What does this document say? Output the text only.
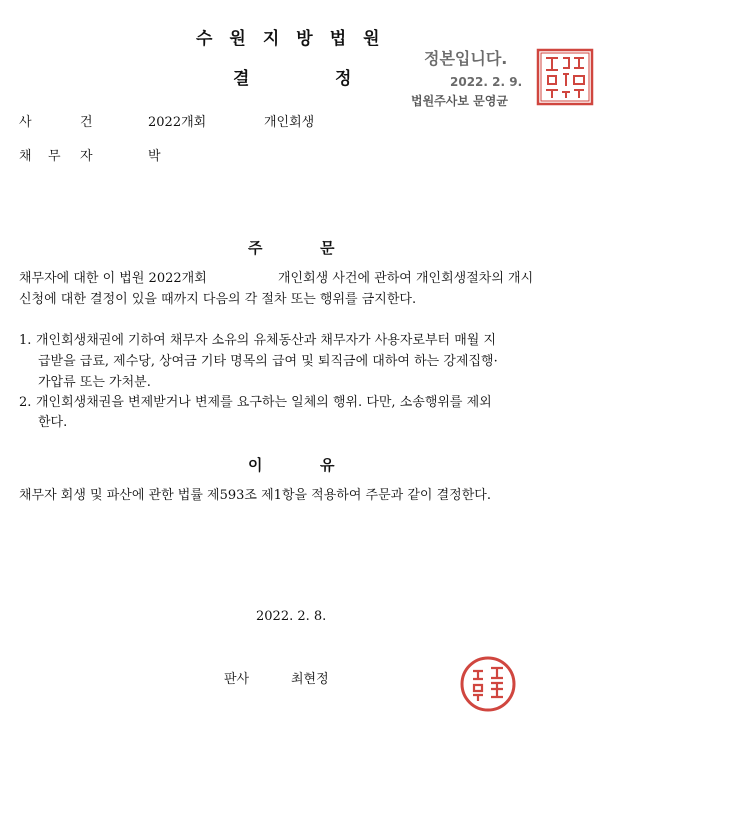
수원지방법원
결	정
정본입니다.
2022. 2. 9.
법원주사보 문영균
사	건	2022개회	개인회생
채 무 자	박
주	문
채무자에 대한 이 법원 2022개회	개인회생 사건에 관하여 개인회생절차의 개시
신청에 대한 결정이 있을 때까지 다음의 각 절차 또는 행위를 금지한다.
1. 개인회생채권에 기하여 채무자 소유의 유체동산과 채무자가 사용자로부터 매월 지
급받을 급료, 제수당, 상여금 기타 명목의 급여 및 퇴직금에 대하여 하는 강제집행·
가압류 또는 가처분.
2. 개인회생채권을 변제받거나 변제를 요구하는 일체의 행위. 다만, 소송행위를 제외
한다.
이	유
채무자 회생 및 파산에 관한 법률 제593조 제1항을 적용하여 주문과 같이 결정한다.
2022. 2. 8.
판사	최현정
